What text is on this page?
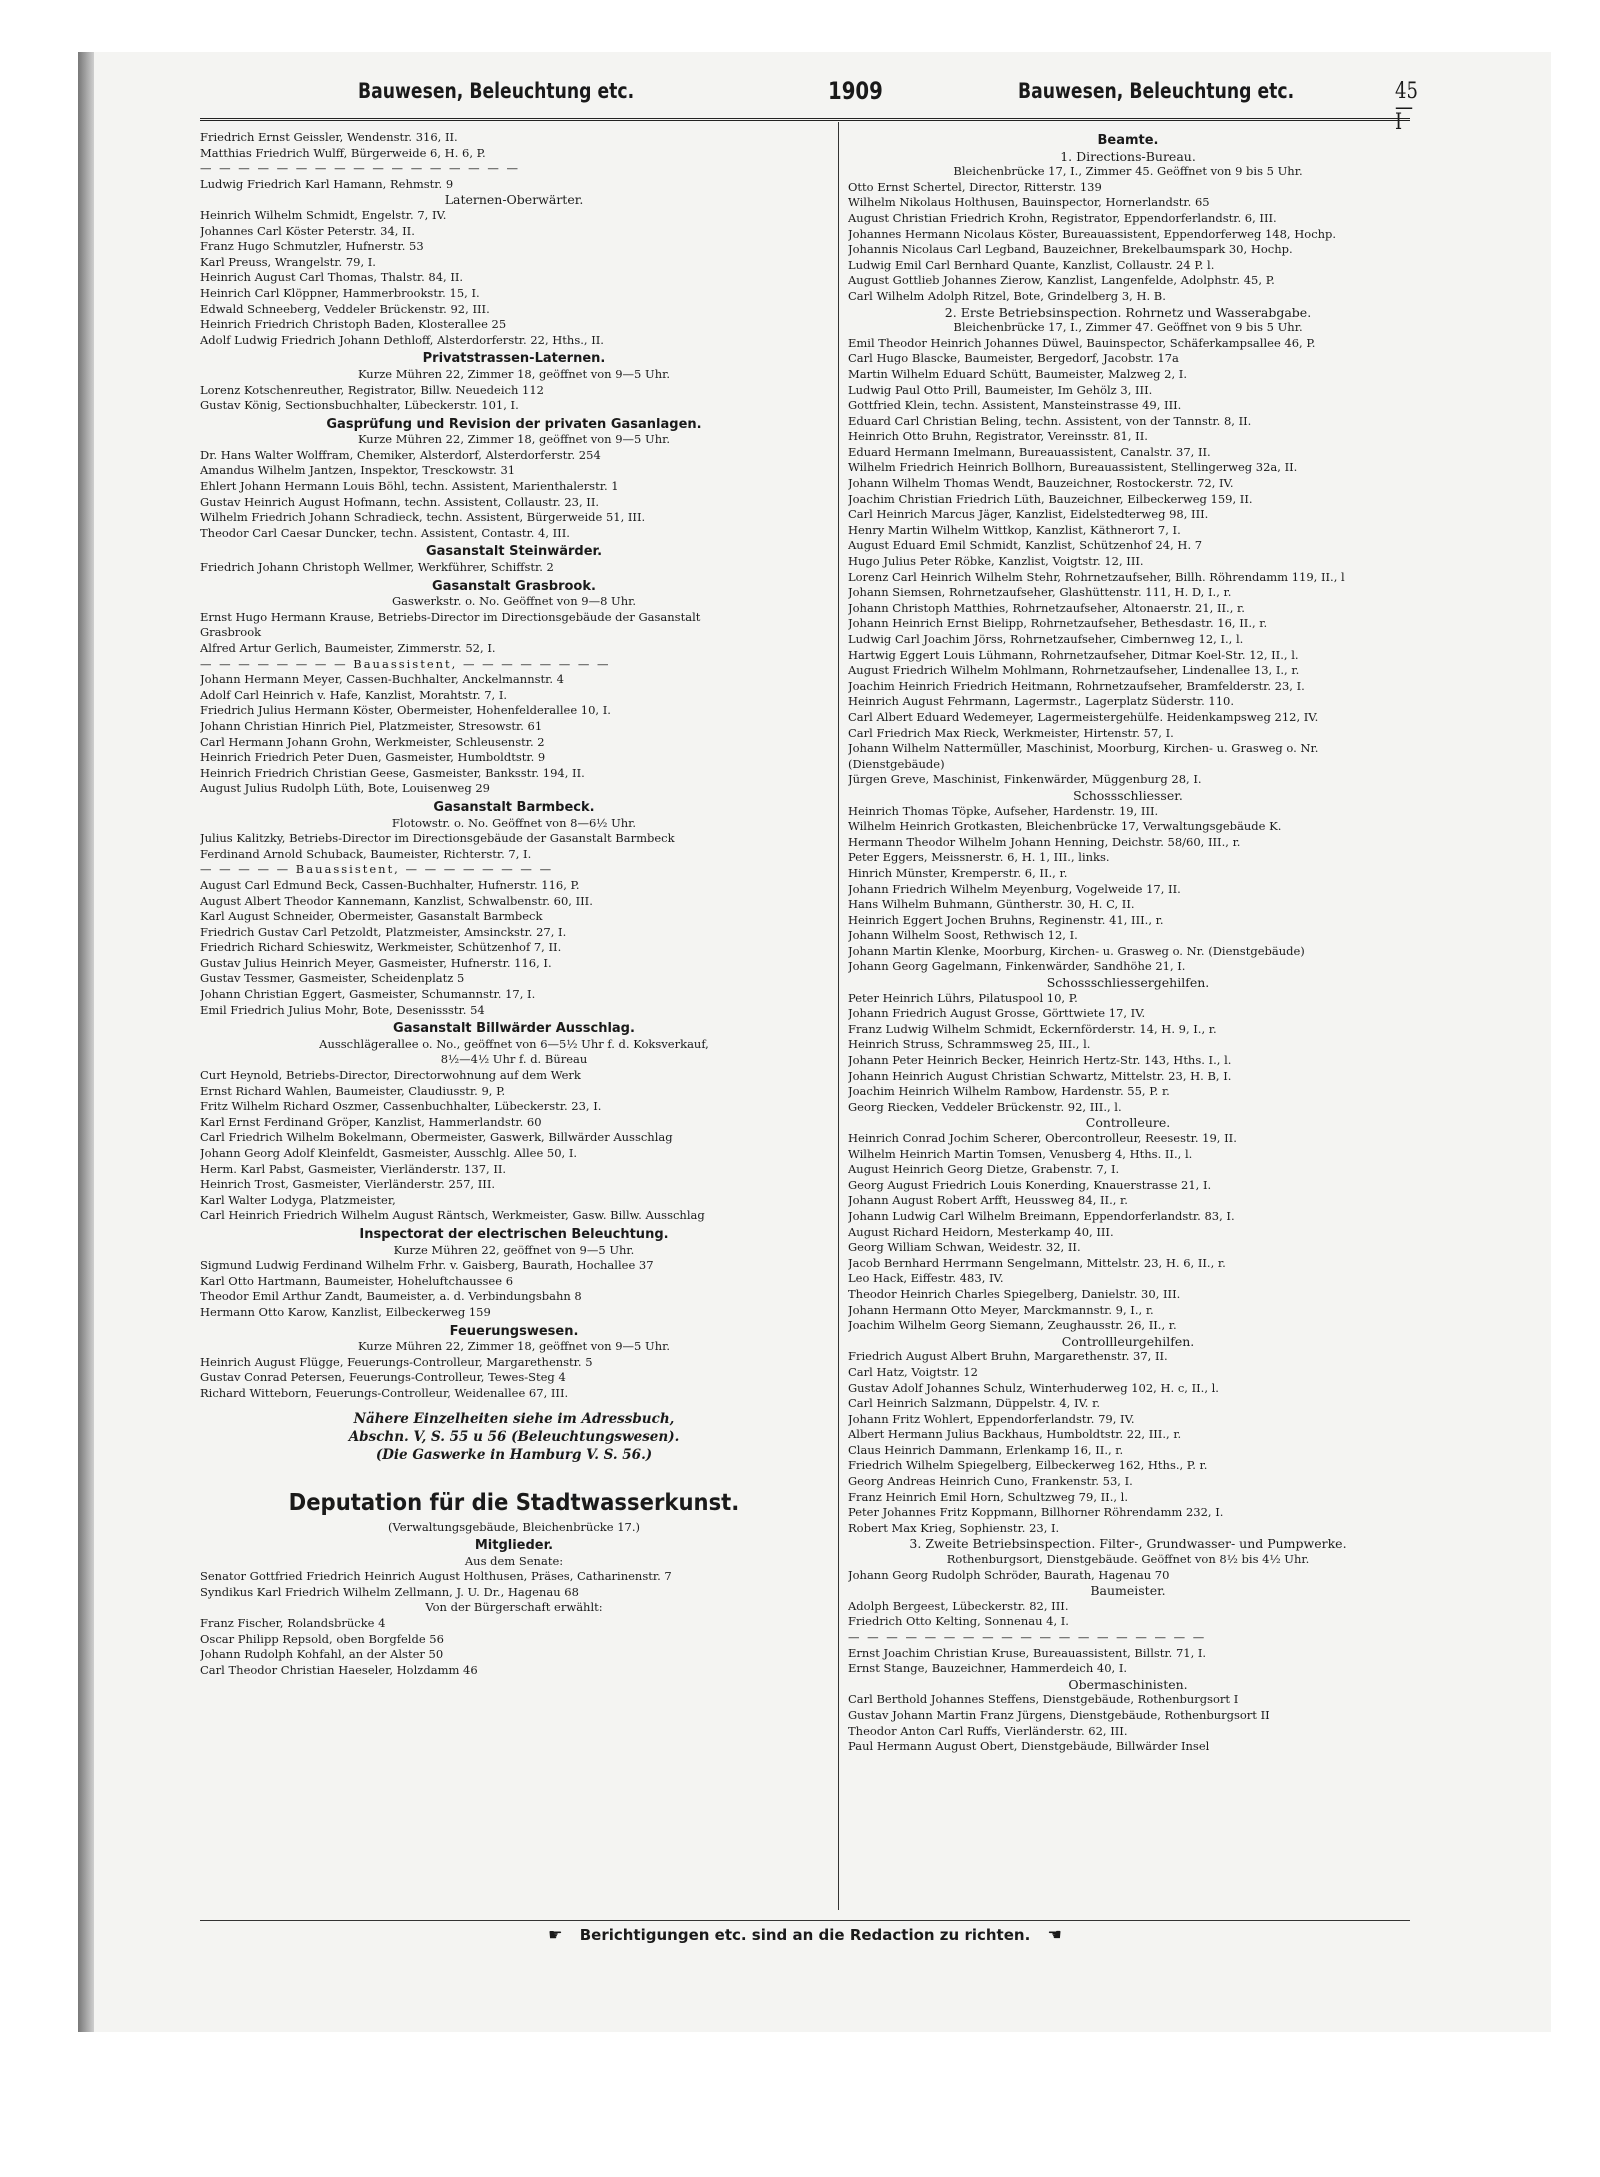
Bauwesen, Beleuchtung etc.	1909	Bauwesen, Beleuchtung etc.	45—I
Friedrich Ernst Geissler, Wendenstr. 316, II.
Matthias Friedrich Wulff, Bürgerweide 6, H. 6, P.
— — — — — — — — — — — — — — — — —
Ludwig Friedrich Karl Hamann, Rehmstr. 9
Laternen-Oberwärter.
Heinrich Wilhelm Schmidt, Engelstr. 7, IV.
Johannes Carl Köster Peterstr. 34, II.
Franz Hugo Schmutzler, Hufnerstr. 53
Karl Preuss, Wrangelstr. 79, I.
Heinrich August Carl Thomas, Thalstr. 84, II.
Heinrich Carl Klöppner, Hammerbrookstr. 15, I.
Edwald Schneeberg, Veddeler Brückenstr. 92, III.
Heinrich Friedrich Christoph Baden, Klosterallee 25
Adolf Ludwig Friedrich Johann Dethloff, Alsterdorferstr. 22, Hths., II.
Privatstrassen-Laternen.
Kurze Mühren 22, Zimmer 18, geöffnet von 9—5 Uhr.
Lorenz Kotschenreuther, Registrator, Billw. Neuedeich 112
Gustav König, Sectionsbuchhalter, Lübeckerstr. 101, I.
Gasprüfung und Revision der privaten Gasanlagen.
Kurze Mühren 22, Zimmer 18, geöffnet von 9—5 Uhr.
Dr. Hans Walter Wolffram, Chemiker, Alsterdorf, Alsterdorferstr. 254
Amandus Wilhelm Jantzen, Inspektor, Tresckowstr. 31
Ehlert Johann Hermann Louis Böhl, techn. Assistent, Marienthalerstr. 1
Gustav Heinrich August Hofmann, techn. Assistent, Collaustr. 23, II.
Wilhelm Friedrich Johann Schradieck, techn. Assistent, Bürgerweide 51, III.
Theodor Carl Caesar Duncker, techn. Assistent, Contastr. 4, III.
Gasanstalt Steinwärder.
Friedrich Johann Christoph Wellmer, Werkführer, Schiffstr. 2
Gasanstalt Grasbrook.
Gaswerkstr. o. No. Geöffnet von 9—8 Uhr.
Ernst Hugo Hermann Krause, Betriebs-Director im Directionsgebäude der Gasanstalt
Grasbrook
Alfred Artur Gerlich, Baumeister, Zimmerstr. 52, I.
— — — — — — — — Bauassistent, — — — — — — — —
Johann Hermann Meyer, Cassen-Buchhalter, Anckelmannstr. 4
Adolf Carl Heinrich v. Hafe, Kanzlist, Morahtstr. 7, I.
Friedrich Julius Hermann Köster, Obermeister, Hohenfelderallee 10, I.
Johann Christian Hinrich Piel, Platzmeister, Stresowstr. 61
Carl Hermann Johann Grohn, Werkmeister, Schleusenstr. 2
Heinrich Friedrich Peter Duen, Gasmeister, Humboldtstr. 9
Heinrich Friedrich Christian Geese, Gasmeister, Banksstr. 194, II.
August Julius Rudolph Lüth, Bote, Louisenweg 29
Gasanstalt Barmbeck.
Flotowstr. o. No. Geöffnet von 8—6½ Uhr.
Julius Kalitzky, Betriebs-Director im Directionsgebäude der Gasanstalt Barmbeck
Ferdinand Arnold Schuback, Baumeister, Richterstr. 7, I.
— — — — — Bauassistent, — — — — — — — —
August Carl Edmund Beck, Cassen-Buchhalter, Hufnerstr. 116, P.
August Albert Theodor Kannemann, Kanzlist, Schwalbenstr. 60, III.
Karl August Schneider, Obermeister, Gasanstalt Barmbeck
Friedrich Gustav Carl Petzoldt, Platzmeister, Amsinckstr. 27, I.
Friedrich Richard Schieswitz, Werkmeister, Schützenhof 7, II.
Gustav Julius Heinrich Meyer, Gasmeister, Hufnerstr. 116, I.
Gustav Tessmer, Gasmeister, Scheidenplatz 5
Johann Christian Eggert, Gasmeister, Schumannstr. 17, I.
Emil Friedrich Julius Mohr, Bote, Desenissstr. 54
Gasanstalt Billwärder Ausschlag.
Ausschlägerallee o. No., geöffnet von 6—5½ Uhr f. d. Koksverkauf,
8½—4½ Uhr f. d. Büreau
Curt Heynold, Betriebs-Director, Directorwohnung auf dem Werk
Ernst Richard Wahlen, Baumeister, Claudiusstr. 9, P.
Fritz Wilhelm Richard Oszmer, Cassenbuchhalter, Lübeckerstr. 23, I.
Karl Ernst Ferdinand Gröper, Kanzlist, Hammerlandstr. 60
Carl Friedrich Wilhelm Bokelmann, Obermeister, Gaswerk, Billwärder Ausschlag
Johann Georg Adolf Kleinfeldt, Gasmeister, Ausschlg. Allee 50, I.
Herm. Karl Pabst, Gasmeister, Vierländerstr. 137, II.
Heinrich Trost, Gasmeister, Vierländerstr. 257, III.
Karl Walter Lodyga, Platzmeister,
Carl Heinrich Friedrich Wilhelm August Räntsch, Werkmeister, Gasw. Billw. Ausschlag
Inspectorat der electrischen Beleuchtung.
Kurze Mühren 22, geöffnet von 9—5 Uhr.
Sigmund Ludwig Ferdinand Wilhelm Frhr. v. Gaisberg, Baurath, Hochallee 37
Karl Otto Hartmann, Baumeister, Hoheluftchaussee 6
Theodor Emil Arthur Zandt, Baumeister, a. d. Verbindungsbahn 8
Hermann Otto Karow, Kanzlist, Eilbeckerweg 159
Feuerungswesen.
Kurze Mühren 22, Zimmer 18, geöffnet von 9—5 Uhr.
Heinrich August Flügge, Feuerungs-Controlleur, Margarethenstr. 5
Gustav Conrad Petersen, Feuerungs-Controlleur, Tewes-Steg 4
Richard Witteborn, Feuerungs-Controlleur, Weidenallee 67, III.
Nähere Einzelheiten siehe im Adressbuch,
Abschn. V, S. 55 u 56 (Beleuchtungswesen).
(Die Gaswerke in Hamburg V. S. 56.)
Deputation für die Stadtwasserkunst.
(Verwaltungsgebäude, Bleichenbrücke 17.)
Mitglieder.
Aus dem Senate:
Senator Gottfried Friedrich Heinrich August Holthusen, Präses, Catharinenstr. 7
Syndikus Karl Friedrich Wilhelm Zellmann, J. U. Dr., Hagenau 68
Von der Bürgerschaft erwählt:
Franz Fischer, Rolandsbrücke 4
Oscar Philipp Repsold, oben Borgfelde 56
Johann Rudolph Kohfahl, an der Alster 50
Carl Theodor Christian Haeseler, Holzdamm 46
Beamte.
1. Directions-Bureau.
Bleichenbrücke 17, I., Zimmer 45. Geöffnet von 9 bis 5 Uhr.
Otto Ernst Schertel, Director, Ritterstr. 139
Wilhelm Nikolaus Holthusen, Bauinspector, Hornerlandstr. 65
August Christian Friedrich Krohn, Registrator, Eppendorferlandstr. 6, III.
Johannes Hermann Nicolaus Köster, Bureauassistent, Eppendorferweg 148, Hochp.
Johannis Nicolaus Carl Legband, Bauzeichner, Brekelbaumspark 30, Hochp.
Ludwig Emil Carl Bernhard Quante, Kanzlist, Collaustr. 24 P. l.
August Gottlieb Johannes Zierow, Kanzlist, Langenfelde, Adolphstr. 45, P.
Carl Wilhelm Adolph Ritzel, Bote, Grindelberg 3, H. B.
2. Erste Betriebsinspection. Rohrnetz und Wasserabgabe.
Bleichenbrücke 17, I., Zimmer 47. Geöffnet von 9 bis 5 Uhr.
Emil Theodor Heinrich Johannes Düwel, Bauinspector, Schäferkampsallee 46, P.
Carl Hugo Blascke, Baumeister, Bergedorf, Jacobstr. 17a
Martin Wilhelm Eduard Schütt, Baumeister, Malzweg 2, I.
Ludwig Paul Otto Prill, Baumeister, Im Gehölz 3, III.
Gottfried Klein, techn. Assistent, Mansteinstrasse 49, III.
Eduard Carl Christian Beling, techn. Assistent, von der Tannstr. 8, II.
Heinrich Otto Bruhn, Registrator, Vereinsstr. 81, II.
Eduard Hermann Imelmann, Bureauassistent, Canalstr. 37, II.
Wilhelm Friedrich Heinrich Bollhorn, Bureauassistent, Stellingerweg 32a, II.
Johann Wilhelm Thomas Wendt, Bauzeichner, Rostockerstr. 72, IV.
Joachim Christian Friedrich Lüth, Bauzeichner, Eilbeckerweg 159, II.
Carl Heinrich Marcus Jäger, Kanzlist, Eidelstedterweg 98, III.
Henry Martin Wilhelm Wittkop, Kanzlist, Käthnerort 7, I.
August Eduard Emil Schmidt, Kanzlist, Schützenhof 24, H. 7
Hugo Julius Peter Röbke, Kanzlist, Voigtstr. 12, III.
Lorenz Carl Heinrich Wilhelm Stehr, Rohrnetzaufseher, Billh. Röhrendamm 119, II., l
Johann Siemsen, Rohrnetzaufseher, Glashüttenstr. 111, H. D, I., r.
Johann Christoph Matthies, Rohrnetzaufseher, Altonaerstr. 21, II., r.
Johann Heinrich Ernst Bielipp, Rohrnetzaufseher, Bethesdastr. 16, II., r.
Ludwig Carl Joachim Jörss, Rohrnetzaufseher, Cimbernweg 12, I., l.
Hartwig Eggert Louis Lühmann, Rohrnetzaufseher, Ditmar Koel-Str. 12, II., l.
August Friedrich Wilhelm Mohlmann, Rohrnetzaufseher, Lindenallee 13, I., r.
Joachim Heinrich Friedrich Heitmann, Rohrnetzaufseher, Bramfelderstr. 23, I.
Heinrich August Fehrmann, Lagermstr., Lagerplatz Süderstr. 110.
Carl Albert Eduard Wedemeyer, Lagermeistergehülfe. Heidenkampsweg 212, IV.
Carl Friedrich Max Rieck, Werkmeister, Hirtenstr. 57, I.
Johann Wilhelm Nattermüller, Maschinist, Moorburg, Kirchen- u. Grasweg o. Nr.
(Dienstgebäude)
Jürgen Greve, Maschinist, Finkenwärder, Müggenburg 28, I.
Schossschliesser.
Heinrich Thomas Töpke, Aufseher, Hardenstr. 19, III.
Wilhelm Heinrich Grotkasten, Bleichenbrücke 17, Verwaltungsgebäude K.
Hermann Theodor Wilhelm Johann Henning, Deichstr. 58/60, III., r.
Peter Eggers, Meissnerstr. 6, H. 1, III., links.
Hinrich Münster, Kremperstr. 6, II., r.
Johann Friedrich Wilhelm Meyenburg, Vogelweide 17, II.
Hans Wilhelm Buhmann, Güntherstr. 30, H. C, II.
Heinrich Eggert Jochen Bruhns, Reginenstr. 41, III., r.
Johann Wilhelm Soost, Rethwisch 12, I.
Johann Martin Klenke, Moorburg, Kirchen- u. Grasweg o. Nr. (Dienstgebäude)
Johann Georg Gagelmann, Finkenwärder, Sandhöhe 21, I.
Schossschliessergehilfen.
Peter Heinrich Lührs, Pilatuspool 10, P.
Johann Friedrich August Grosse, Görttwiete 17, IV.
Franz Ludwig Wilhelm Schmidt, Eckernförderstr. 14, H. 9, I., r.
Heinrich Struss, Schrammsweg 25, III., l.
Johann Peter Heinrich Becker, Heinrich Hertz-Str. 143, Hths. I., l.
Johann Heinrich August Christian Schwartz, Mittelstr. 23, H. B, I.
Joachim Heinrich Wilhelm Rambow, Hardenstr. 55, P. r.
Georg Riecken, Veddeler Brückenstr. 92, III., l.
Controlleure.
Heinrich Conrad Jochim Scherer, Obercontrolleur, Reesestr. 19, II.
Wilhelm Heinrich Martin Tomsen, Venusberg 4, Hths. II., l.
August Heinrich Georg Dietze, Grabenstr. 7, I.
Georg August Friedrich Louis Konerding, Knauerstrasse 21, I.
Johann August Robert Arfft, Heussweg 84, II., r.
Johann Ludwig Carl Wilhelm Breimann, Eppendorferlandstr. 83, I.
August Richard Heidorn, Mesterkamp 40, III.
Georg William Schwan, Weidestr. 32, II.
Jacob Bernhard Herrmann Sengelmann, Mittelstr. 23, H. 6, II., r.
Leo Hack, Eiffestr. 483, IV.
Theodor Heinrich Charles Spiegelberg, Danielstr. 30, III.
Johann Hermann Otto Meyer, Marckmannstr. 9, I., r.
Joachim Wilhelm Georg Siemann, Zeughausstr. 26, II., r.
Controllleurgehilfen.
Friedrich August Albert Bruhn, Margarethenstr. 37, II.
Carl Hatz, Voigtstr. 12
Gustav Adolf Johannes Schulz, Winterhuderweg 102, H. c, II., l.
Carl Heinrich Salzmann, Düppelstr. 4, IV. r.
Johann Fritz Wohlert, Eppendorferlandstr. 79, IV.
Albert Hermann Julius Backhaus, Humboldtstr. 22, III., r.
Claus Heinrich Dammann, Erlenkamp 16, II., r.
Friedrich Wilhelm Spiegelberg, Eilbeckerweg 162, Hths., P. r.
Georg Andreas Heinrich Cuno, Frankenstr. 53, I.
Franz Heinrich Emil Horn, Schultzweg 79, II., l.
Peter Johannes Fritz Koppmann, Billhorner Röhrendamm 232, I.
Robert Max Krieg, Sophienstr. 23, I.
3. Zweite Betriebsinspection. Filter-, Grundwasser- und Pumpwerke.
Rothenburgsort, Dienstgebäude. Geöffnet von 8½ bis 4½ Uhr.
Johann Georg Rudolph Schröder, Baurath, Hagenau 70
Baumeister.
Adolph Bergeest, Lübeckerstr. 82, III.
Friedrich Otto Kelting, Sonnenau 4, I.
— — — — — — — — — — — — — — — — — — —
Ernst Joachim Christian Kruse, Bureauassistent, Billstr. 71, I.
Ernst Stange, Bauzeichner, Hammerdeich 40, I.
Obermaschinisten.
Carl Berthold Johannes Steffens, Dienstgebäude, Rothenburgsort I
Gustav Johann Martin Franz Jürgens, Dienstgebäude, Rothenburgsort II
Theodor Anton Carl Ruffs, Vierländerstr. 62, III.
Paul Hermann August Obert, Dienstgebäude, Billwärder Insel
☛ Berichtigungen etc. sind an die Redaction zu richten. ☚
